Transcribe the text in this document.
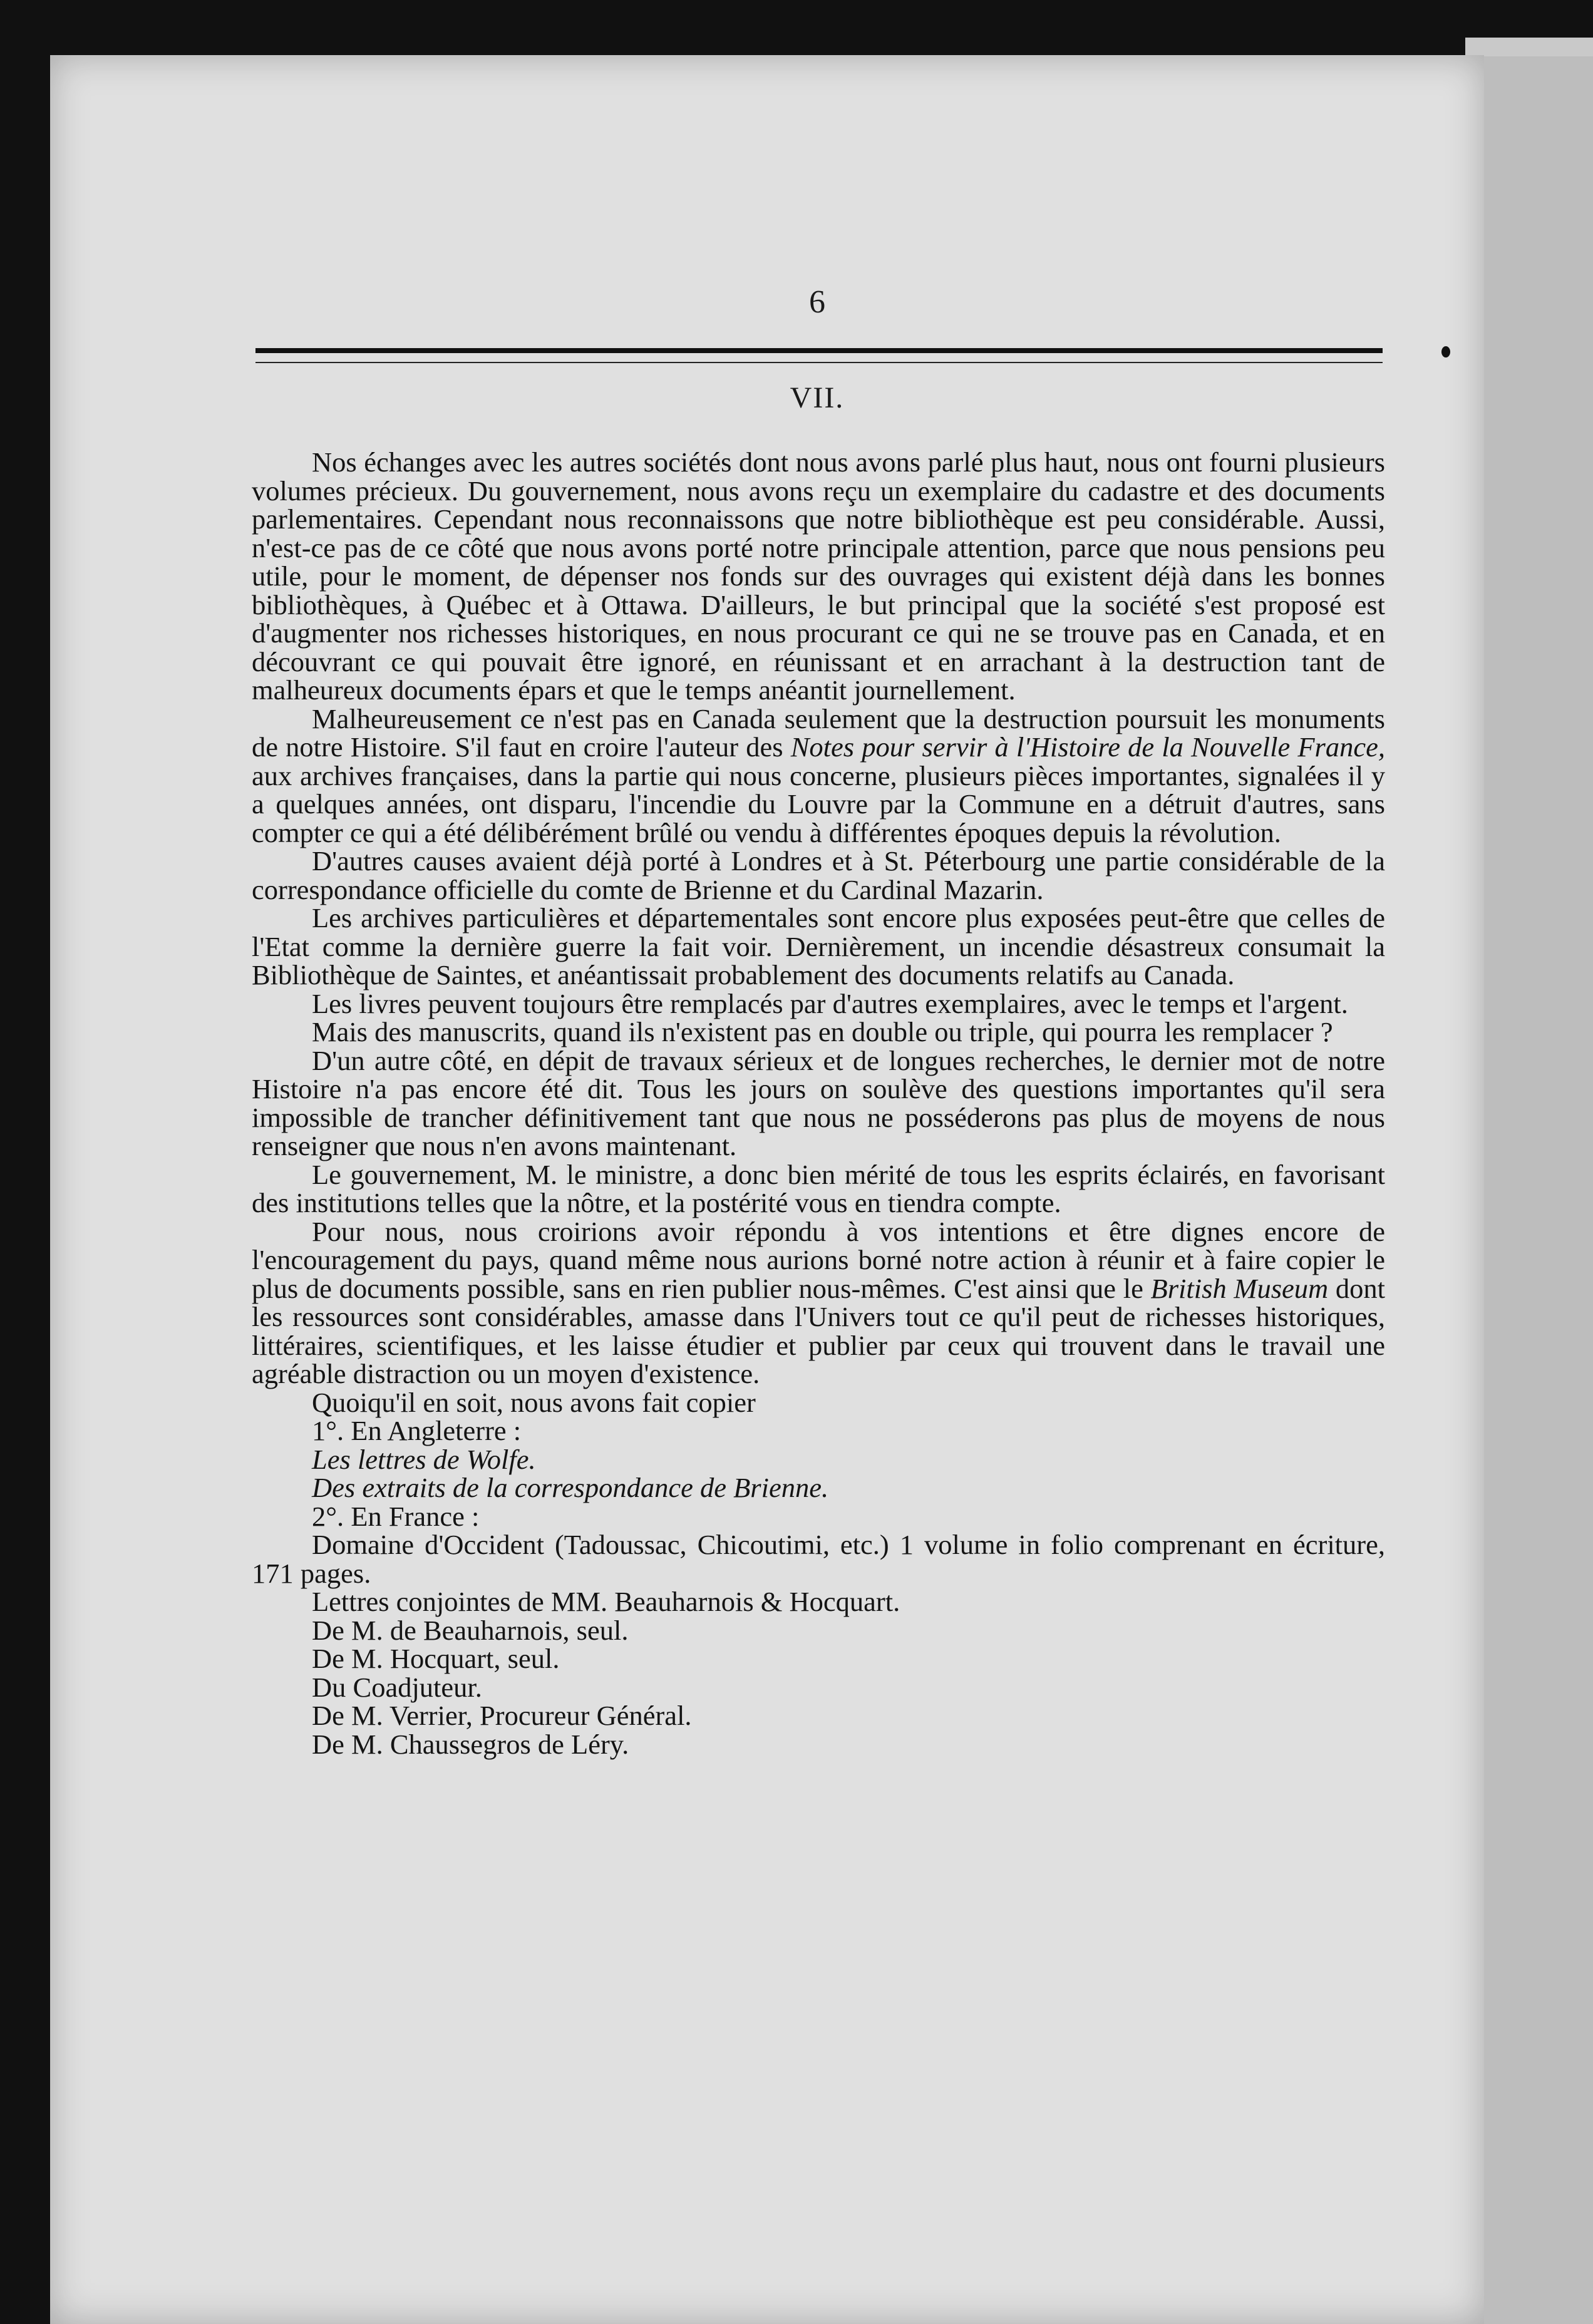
6
VII.

Nos échanges avec les autres sociétés dont nous avons parlé plus haut, nous ont fourni plusieurs volumes précieux. Du gouvernement, nous avons reçu un exemplaire du cadastre et des documents parlementaires. Cependant nous reconnaissons que notre bibliothèque est peu considérable. Aussi, n'est-ce pas de ce côté que nous avons porté notre principale attention, parce que nous pensions peu utile, pour le moment, de dépenser nos fonds sur des ouvrages qui existent déjà dans les bonnes bibliothèques, à Québec et à Ottawa. D'ailleurs, le but principal que la société s'est proposé est d'augmenter nos richesses historiques, en nous procurant ce qui ne se trouve pas en Canada, et en découvrant ce qui pouvait être ignoré, en réunissant et en arrachant à la destruction tant de malheureux documents épars et que le temps anéantit journellement.

Malheureusement ce n'est pas en Canada seulement que la destruction poursuit les monuments de notre Histoire. S'il faut en croire l'auteur des Notes pour servir à l'Histoire de la Nouvelle France, aux archives françaises, dans la partie qui nous concerne, plusieurs pièces importantes, signalées il y a quelques années, ont disparu, l'incendie du Louvre par la Commune en a détruit d'autres, sans compter ce qui a été délibérément brûlé ou vendu à différentes époques depuis la révolution.

D'autres causes avaient déjà porté à Londres et à St. Péterbourg une partie considérable de la correspondance officielle du comte de Brienne et du Cardinal Mazarin.

Les archives particulières et départementales sont encore plus exposées peut-être que celles de l'Etat comme la dernière guerre la fait voir. Dernièrement, un incendie désastreux consumait la Bibliothèque de Saintes, et anéantissait probablement des documents relatifs au Canada.

Les livres peuvent toujours être remplacés par d'autres exemplaires, avec le temps et l'argent.

Mais des manuscrits, quand ils n'existent pas en double ou triple, qui pourra les remplacer ?

D'un autre côté, en dépit de travaux sérieux et de longues recherches, le dernier mot de notre Histoire n'a pas encore été dit. Tous les jours on soulève des questions importantes qu'il sera impossible de trancher définitivement tant que nous ne posséderons pas plus de moyens de nous renseigner que nous n'en avons maintenant.

Le gouvernement, M. le ministre, a donc bien mérité de tous les esprits éclairés, en favorisant des institutions telles que la nôtre, et la postérité vous en tiendra compte.

Pour nous, nous croirions avoir répondu à vos intentions et être dignes encore de l'encouragement du pays, quand même nous aurions borné notre action à réunir et à faire copier le plus de documents possible, sans en rien publier nous-mêmes. C'est ainsi que le British Museum dont les ressources sont considérables, amasse dans l'Univers tout ce qu'il peut de richesses historiques, littéraires, scientifiques, et les laisse étudier et publier par ceux qui trouvent dans le travail une agréable distraction ou un moyen d'existence.

Quoiqu'il en soit, nous avons fait copier
1°. En Angleterre :
Les lettres de Wolfe.
Des extraits de la correspondance de Brienne.
2°. En France :
Domaine d'Occident (Tadoussac, Chicoutimi, etc.) 1 volume in folio comprenant en écriture, 171 pages.
Lettres conjointes de MM. Beauharnois & Hocquart.
De M. de Beauharnois, seul.
De M. Hocquart, seul.
Du Coadjuteur.
De M. Verrier, Procureur Général.
De M. Chaussegros de Léry.
